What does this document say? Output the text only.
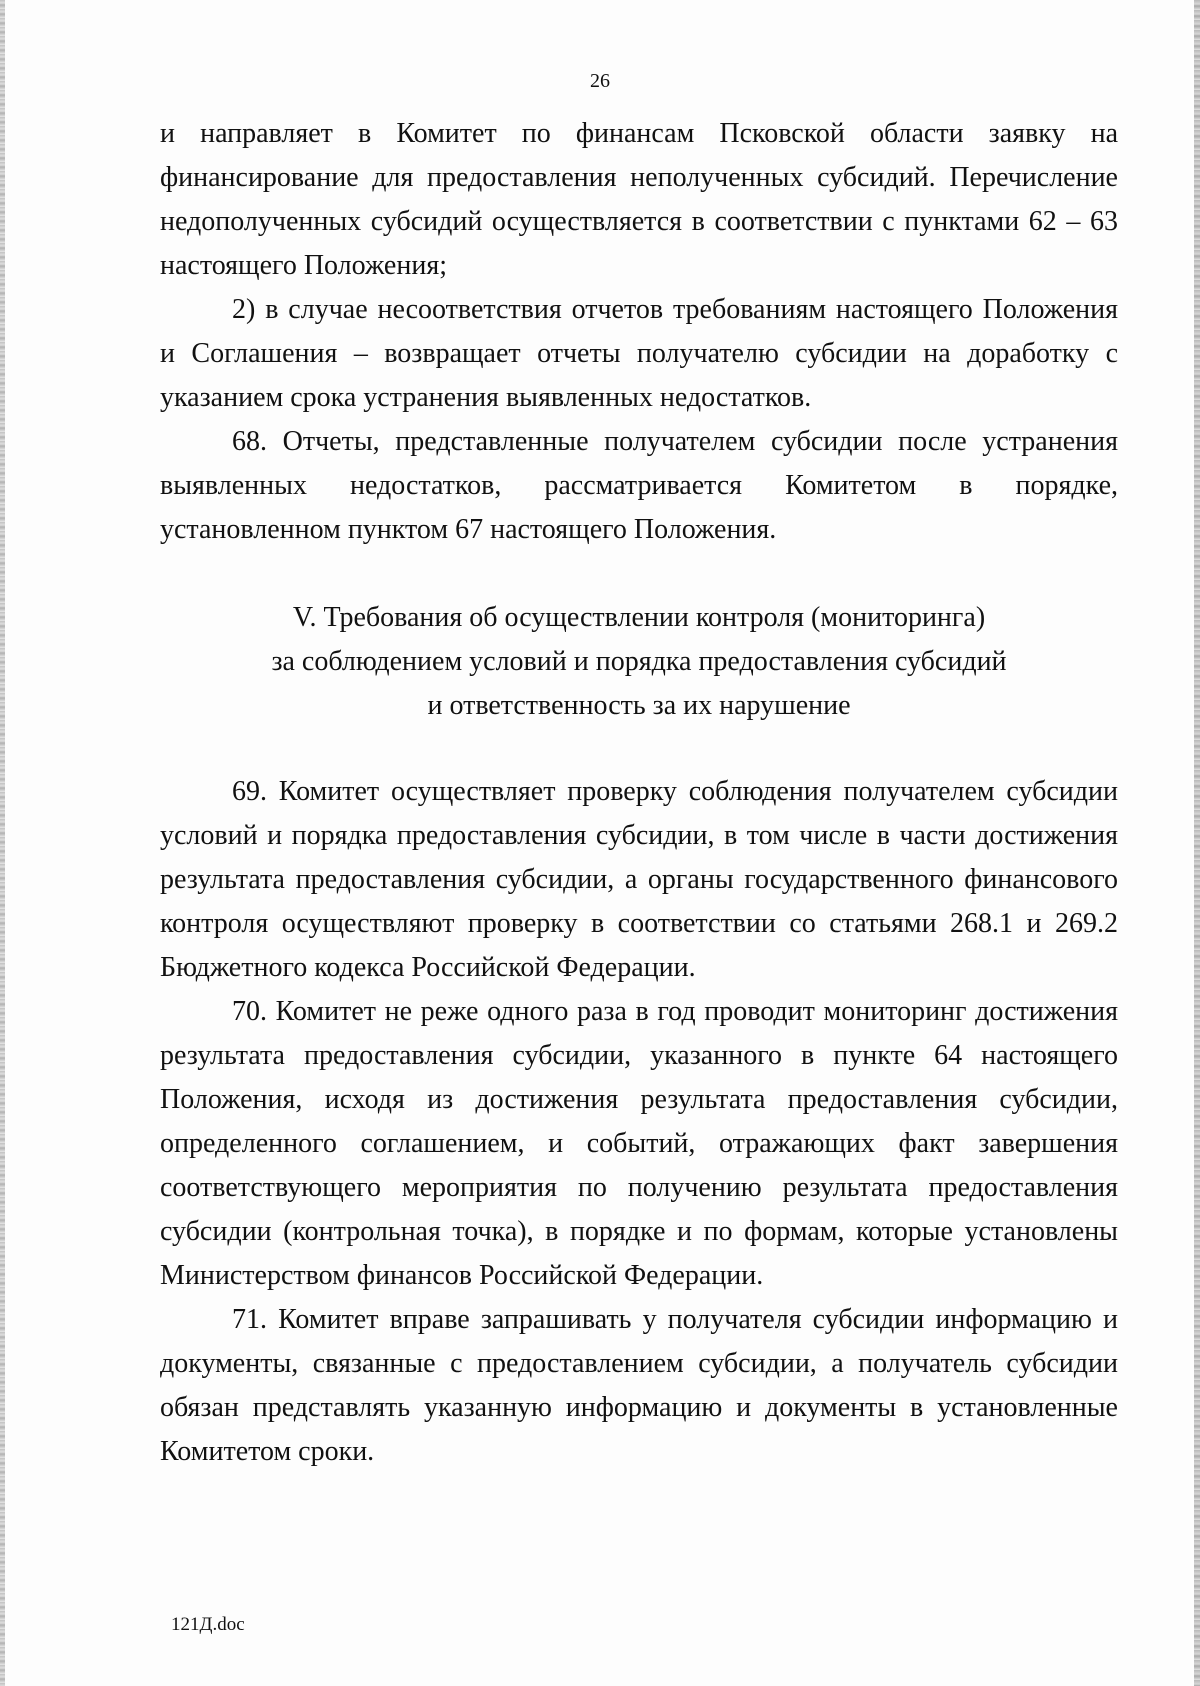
26

и направляет в Комитет по финансам Псковской области заявку на финансирование для предоставления неполученных субсидий. Перечисление недополученных субсидий осуществляется в соответствии с пунктами 62 – 63 настоящего Положения;

2) в случае несоответствия отчетов требованиям настоящего Положения и Соглашения – возвращает отчеты получателю субсидии на доработку с указанием срока устранения выявленных недостатков.

68. Отчеты, представленные получателем субсидии после устранения выявленных недостатков, рассматривается Комитетом в порядке, установленном пунктом 67 настоящего Положения.

V. Требования об осуществлении контроля (мониторинга)
за соблюдением условий и порядка предоставления субсидий
и ответственность за их нарушение

69. Комитет осуществляет проверку соблюдения получателем субсидии условий и порядка предоставления субсидии, в том числе в части достижения результата предоставления субсидии, а органы государственного финансового контроля осуществляют проверку в соответствии со статьями 268.1 и 269.2 Бюджетного кодекса Российской Федерации.

70. Комитет не реже одного раза в год проводит мониторинг достижения результата предоставления субсидии, указанного в пункте 64 настоящего Положения, исходя из достижения результата предоставления субсидии, определенного соглашением, и событий, отражающих факт завершения соответствующего мероприятия по получению результата предоставления субсидии (контрольная точка), в порядке и по формам, которые установлены Министерством финансов Российской Федерации.

71. Комитет вправе запрашивать у получателя субсидии информацию и документы, связанные с предоставлением субсидии, а получатель субсидии обязан представлять указанную информацию и документы в установленные Комитетом сроки.

121Д.doc
